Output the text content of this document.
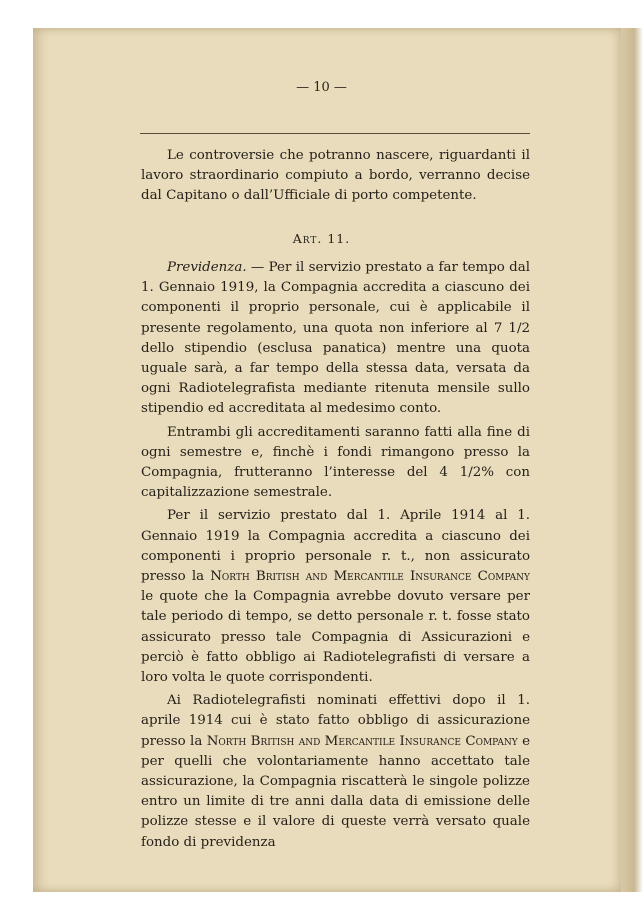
— 10 —

Le controversie che potranno nascere, riguardanti il lavoro straordinario compiuto a bordo, verranno decise dal Capitano o dall’Ufficiale di porto competente.

Art. 11.

Previdenza. — Per il servizio prestato a far tempo dal 1. Gennaio 1919, la Compagnia accredita a ciascuno dei componenti il proprio personale, cui è applicabile il presente regolamento, una quota non inferiore al 7 1/2 dello stipendio (esclusa panatica) mentre una quota uguale sarà, a far tempo della stessa data, versata da ogni Radiotelegrafista mediante ritenuta mensile sullo stipendio ed accreditata al medesimo conto.

Entrambi gli accreditamenti saranno fatti alla fine di ogni semestre e, finchè i fondi rimangono presso la Compagnia, frutteranno l’interesse del 4 1/2% con capitalizzazione semestrale.

Per il servizio prestato dal 1. Aprile 1914 al 1. Gennaio 1919 la Compagnia accredita a ciascuno dei componenti i proprio personale r. t., non assicurato presso la North British and Mercantile Insurance Company le quote che la Compagnia avrebbe dovuto versare per tale periodo di tempo, se detto personale r. t. fosse stato assicurato presso tale Compagnia di Assicurazioni e perciò è fatto obbligo ai Radiotelegrafisti di versare a loro volta le quote corrispondenti.

Ai Radiotelegrafisti nominati effettivi dopo il 1. aprile 1914 cui è stato fatto obbligo di assicurazione presso la North British and Mercantile Insurance Company e per quelli che volontariamente hanno accettato tale assicurazione, la Compagnia riscatterà le singole polizze entro un limite di tre anni dalla data di emissione delle polizze stesse e il valore di queste verrà versato quale fondo di previdenza
